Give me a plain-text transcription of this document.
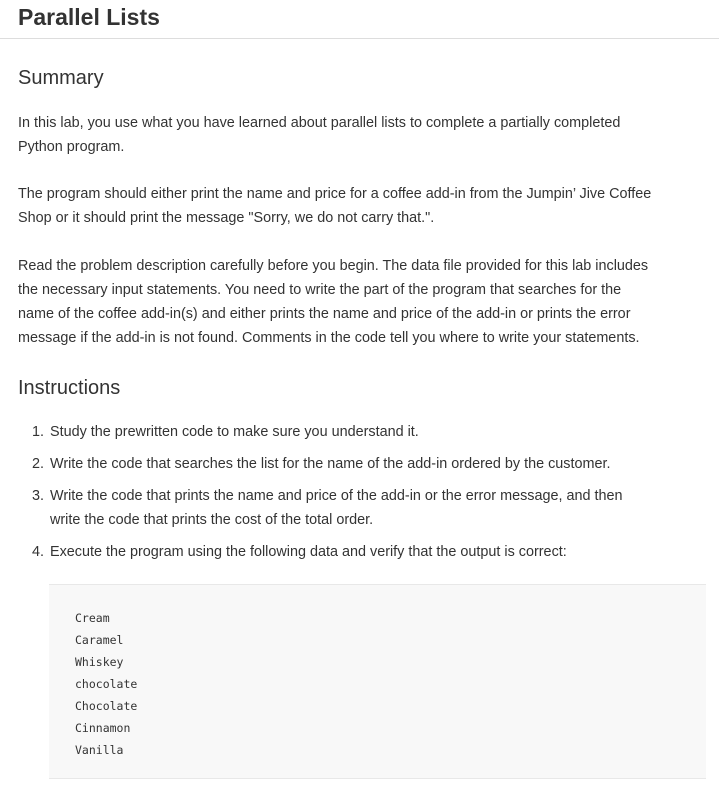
Parallel Lists
Summary

In this lab, you use what you have learned about parallel lists to complete a partially completed
Python program.

The program should either print the name and price for a coffee add-in from the Jumpin’ Jive Coffee
Shop or it should print the message "Sorry, we do not carry that.".

Read the problem description carefully before you begin. The data file provided for this lab includes
the necessary input statements. You need to write the part of the program that searches for the
name of the coffee add-in(s) and either prints the name and price of the add-in or prints the error
message if the add-in is not found. Comments in the code tell you where to write your statements.

Instructions
1. Study the prewritten code to make sure you understand it.
2. Write the code that searches the list for the name of the add-in ordered by the customer.
3. Write the code that prints the name and price of the add-in or the error message, and then
write the code that prints the cost of the total order.
4. Execute the program using the following data and verify that the output is correct:
Cream
Caramel
Whiskey
chocolate
Chocolate
Cinnamon
Vanilla
